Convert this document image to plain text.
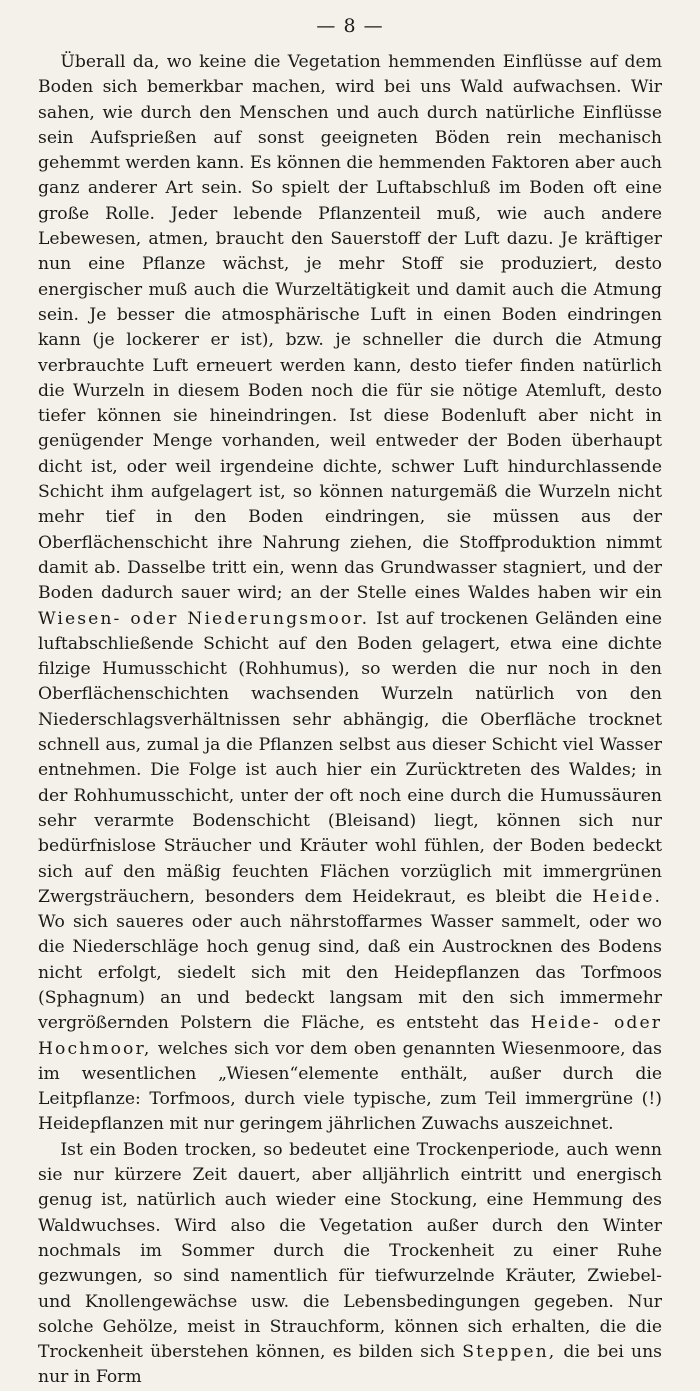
— 8 —

Überall da, wo keine die Vegetation hemmenden Einflüsse auf dem Boden sich bemerkbar machen, wird bei uns Wald aufwachsen. Wir sahen, wie durch den Menschen und auch durch natürliche Einflüsse sein Aufsprießen auf sonst geeigneten Böden rein mechanisch gehemmt werden kann. Es können die hemmenden Faktoren aber auch ganz anderer Art sein. So spielt der Luftabschluß im Boden oft eine große Rolle. Jeder lebende Pflanzenteil muß, wie auch andere Lebewesen, atmen, braucht den Sauerstoff der Luft dazu. Je kräftiger nun eine Pflanze wächst, je mehr Stoff sie produziert, desto energischer muß auch die Wurzeltätigkeit und damit auch die Atmung sein. Je besser die atmosphärische Luft in einen Boden eindringen kann (je lockerer er ist), bzw. je schneller die durch die Atmung verbrauchte Luft erneuert werden kann, desto tiefer finden natürlich die Wurzeln in diesem Boden noch die für sie nötige Atemluft, desto tiefer können sie hineindringen. Ist diese Bodenluft aber nicht in genügender Menge vorhanden, weil entweder der Boden überhaupt dicht ist, oder weil irgendeine dichte, schwer Luft hindurchlassende Schicht ihm aufgelagert ist, so können naturgemäß die Wurzeln nicht mehr tief in den Boden eindringen, sie müssen aus der Oberflächenschicht ihre Nahrung ziehen, die Stoffproduktion nimmt damit ab. Dasselbe tritt ein, wenn das Grundwasser stagniert, und der Boden dadurch sauer wird; an der Stelle eines Waldes haben wir ein Wiesen- oder Niederungsmoor. Ist auf trockenen Geländen eine luftabschließende Schicht auf den Boden gelagert, etwa eine dichte filzige Humusschicht (Rohhumus), so werden die nur noch in den Oberflächenschichten wachsenden Wurzeln natürlich von den Niederschlagsverhältnissen sehr abhängig, die Oberfläche trocknet schnell aus, zumal ja die Pflanzen selbst aus dieser Schicht viel Wasser entnehmen. Die Folge ist auch hier ein Zurücktreten des Waldes; in der Rohhumusschicht, unter der oft noch eine durch die Humussäuren sehr verarmte Bodenschicht (Bleisand) liegt, können sich nur bedürfnislose Sträucher und Kräuter wohl fühlen, der Boden bedeckt sich auf den mäßig feuchten Flächen vorzüglich mit immergrünen Zwergsträuchern, besonders dem Heidekraut, es bleibt die Heide. Wo sich saueres oder auch nährstoffarmes Wasser sammelt, oder wo die Niederschläge hoch genug sind, daß ein Austrocknen des Bodens nicht erfolgt, siedelt sich mit den Heidepflanzen das Torfmoos (Sphagnum) an und bedeckt langsam mit den sich immermehr vergrößernden Polstern die Fläche, es entsteht das Heide- oder Hochmoor, welches sich vor dem oben genannten Wiesenmoore, das im wesentlichen „Wiesen“elemente enthält, außer durch die Leitpflanze: Torfmoos, durch viele typische, zum Teil immergrüne (!) Heidepflanzen mit nur geringem jährlichen Zuwachs auszeichnet.

Ist ein Boden trocken, so bedeutet eine Trockenperiode, auch wenn sie nur kürzere Zeit dauert, aber alljährlich eintritt und energisch genug ist, natürlich auch wieder eine Stockung, eine Hemmung des Waldwuchses. Wird also die Vegetation außer durch den Winter nochmals im Sommer durch die Trockenheit zu einer Ruhe gezwungen, so sind namentlich für tiefwurzelnde Kräuter, Zwiebel- und Knollengewächse usw. die Lebensbedingungen gegeben. Nur solche Gehölze, meist in Strauchform, können sich erhalten, die die Trockenheit überstehen können, es bilden sich Steppen, die bei uns nur in Form
